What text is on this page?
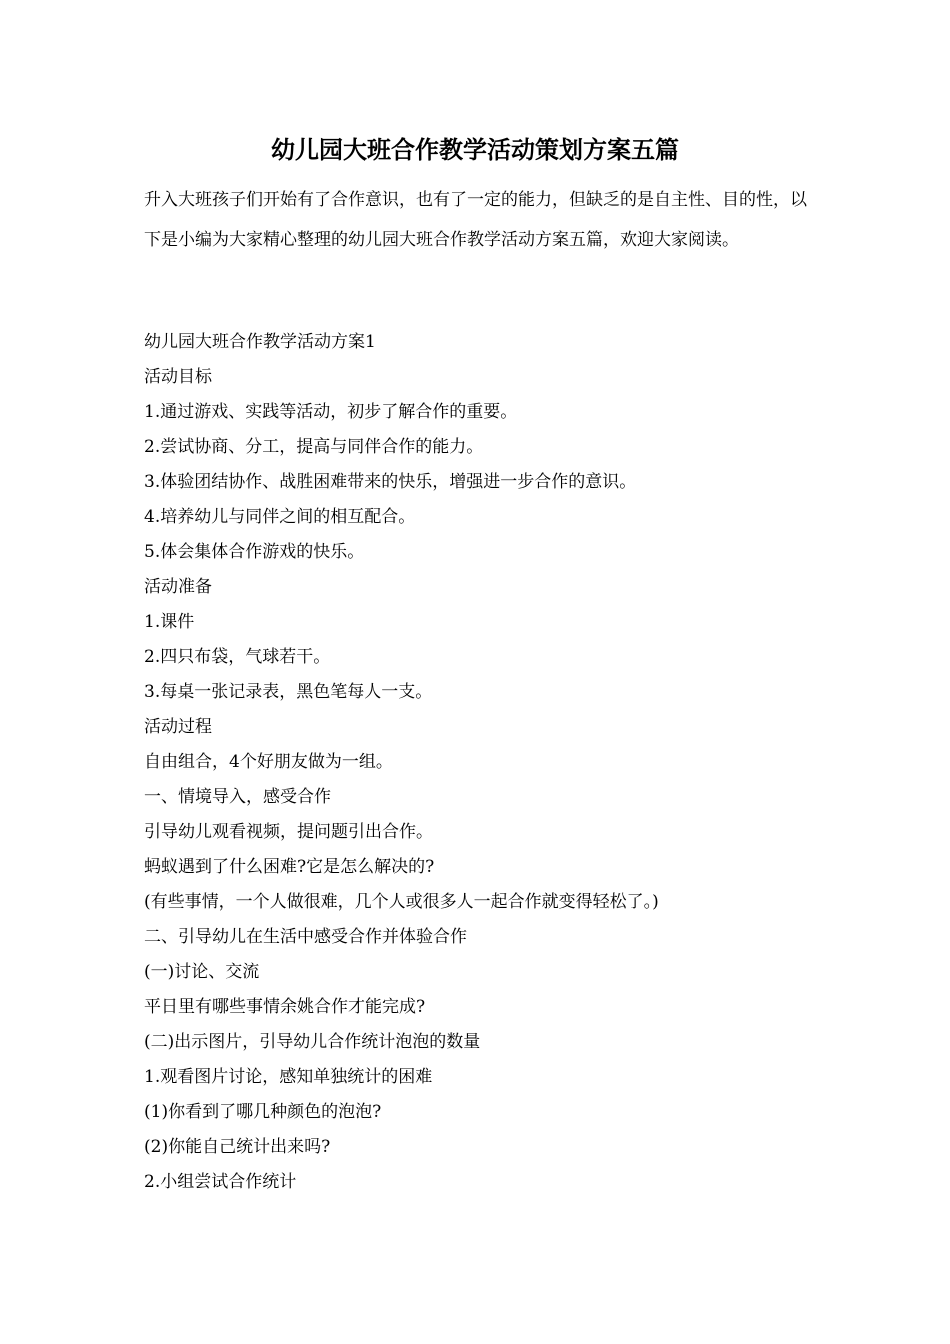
幼儿园大班合作教学活动策划方案五篇

升入大班孩子们开始有了合作意识，也有了一定的能力，但缺乏的是自主性、目的性，以下是小编为大家精心整理的幼儿园大班合作教学活动方案五篇，欢迎大家阅读。

幼儿园大班合作教学活动方案1
活动目标
1.通过游戏、实践等活动，初步了解合作的重要。
2.尝试协商、分工，提高与同伴合作的能力。
3.体验团结协作、战胜困难带来的快乐，增强进一步合作的意识。
4.培养幼儿与同伴之间的相互配合。
5.体会集体合作游戏的快乐。
活动准备
1.课件
2.四只布袋，气球若干。
3.每桌一张记录表，黑色笔每人一支。
活动过程
自由组合，4个好朋友做为一组。
一、情境导入，感受合作
引导幼儿观看视频，提问题引出合作。
蚂蚁遇到了什么困难?它是怎么解决的?
(有些事情，一个人做很难，几个人或很多人一起合作就变得轻松了。)
二、引导幼儿在生活中感受合作并体验合作
(一)讨论、交流
平日里有哪些事情余姚合作才能完成?
(二)出示图片，引导幼儿合作统计泡泡的数量
1.观看图片讨论，感知单独统计的困难
(1)你看到了哪几种颜色的泡泡?
(2)你能自己统计出来吗?
2.小组尝试合作统计
